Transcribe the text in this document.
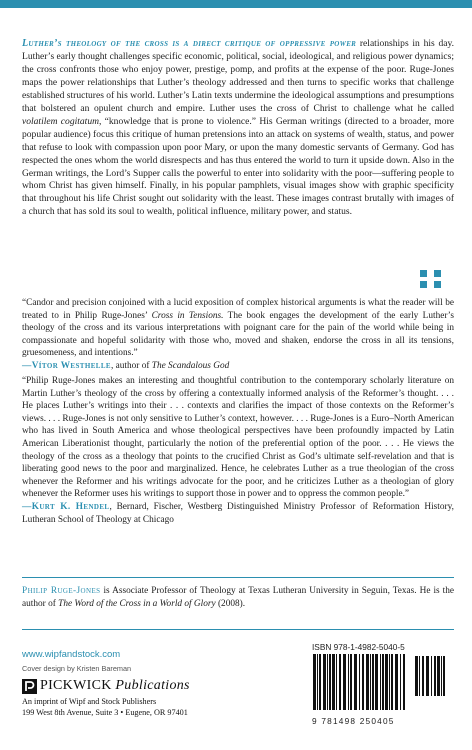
Luther’s theology of the cross is a direct critique of oppressive power relationships in his day. Luther’s early thought challenges specific economic, political, social, ideological, and religious power dynamics; the cross confronts those who enjoy power, prestige, pomp, and profits at the expense of the poor. Ruge-Jones maps the power relationships that Luther’s theology addressed and then turns to specific works that challenge established structures of his world. Luther’s Latin texts undermine the ideological assumptions and presumptions that bolstered an opulent church and empire. Luther uses the cross of Christ to challenge what he called volatilem cogitatum, “knowledge that is prone to violence.” His German writings (directed to a broader, more popular audience) focus this critique of human pretensions into an attack on systems of wealth, status, and power that refuse to look with compassion upon poor Mary, or upon the many domestic servants of Germany. God has respected the ones whom the world disrespects and has thus entered the world to turn it upside down. Also in the German writings, the Lord’s Supper calls the powerful to enter into solidarity with the poor—suffering people to whom Christ has given himself. Finally, in his popular pamphlets, visual images show with graphic specificity that throughout his life Christ sought out solidarity with the least. These images contrast brutally with images of a church that has sold its soul to wealth, political influence, military power, and status.

“Candor and precision conjoined with a lucid exposition of complex historical arguments is what the reader will be treated to in Philip Ruge-Jones’ Cross in Tensions. The book engages the development of the early Luther’s theology of the cross and its various interpretations with poignant care for the pain of the world while being in compassionate and hopeful solidarity with those who, moved and shaken, endorse the cross in all its tensions, gruesomeness, and intentions.”
—Vítor Westhelle, author of The Scandalous God

“Philip Ruge-Jones makes an interesting and thoughtful contribution to the contemporary scholarly literature on Martin Luther’s theology of the cross by offering a contextually informed analysis of the Reformer’s thought. . . . He places Luther’s writings into their . . . contexts and clarifies the impact of those contexts on the Reformer’s views. . . . Ruge-Jones is not only sensitive to Luther’s context, however. . . . Ruge-Jones is a Euro–North American who has lived in South America and whose theological perspectives have been profoundly impacted by Latin American Liberationist thought, particularly the notion of the preferential option of the poor. . . . He views the theology of the cross as a theology that points to the crucified Christ as God’s ultimate self-revelation and that is liberating good news to the poor and marginalized. Hence, he celebrates Luther as a true theologian of the cross whenever the Reformer and his writings advocate for the poor, and he criticizes Luther as a theologian of glory whenever the Reformer uses his writings to support those in power and to oppress the common people.”
—Kurt K. Hendel, Bernard, Fischer, Westberg Distinguished Ministry Professor of Reformation History, Lutheran School of Theology at Chicago

Philip Ruge-Jones is Associate Professor of Theology at Texas Lutheran University in Seguin, Texas. He is the author of The Word of the Cross in a World of Glory (2008).

www.wipfandstock.com
Cover design by Kristen Bareman
PICKWICK Publications
An imprint of Wipf and Stock Publishers
199 West 8th Avenue, Suite 3 • Eugene, OR 97401
ISBN 978-1-4982-5040-5
9 781498 250405
